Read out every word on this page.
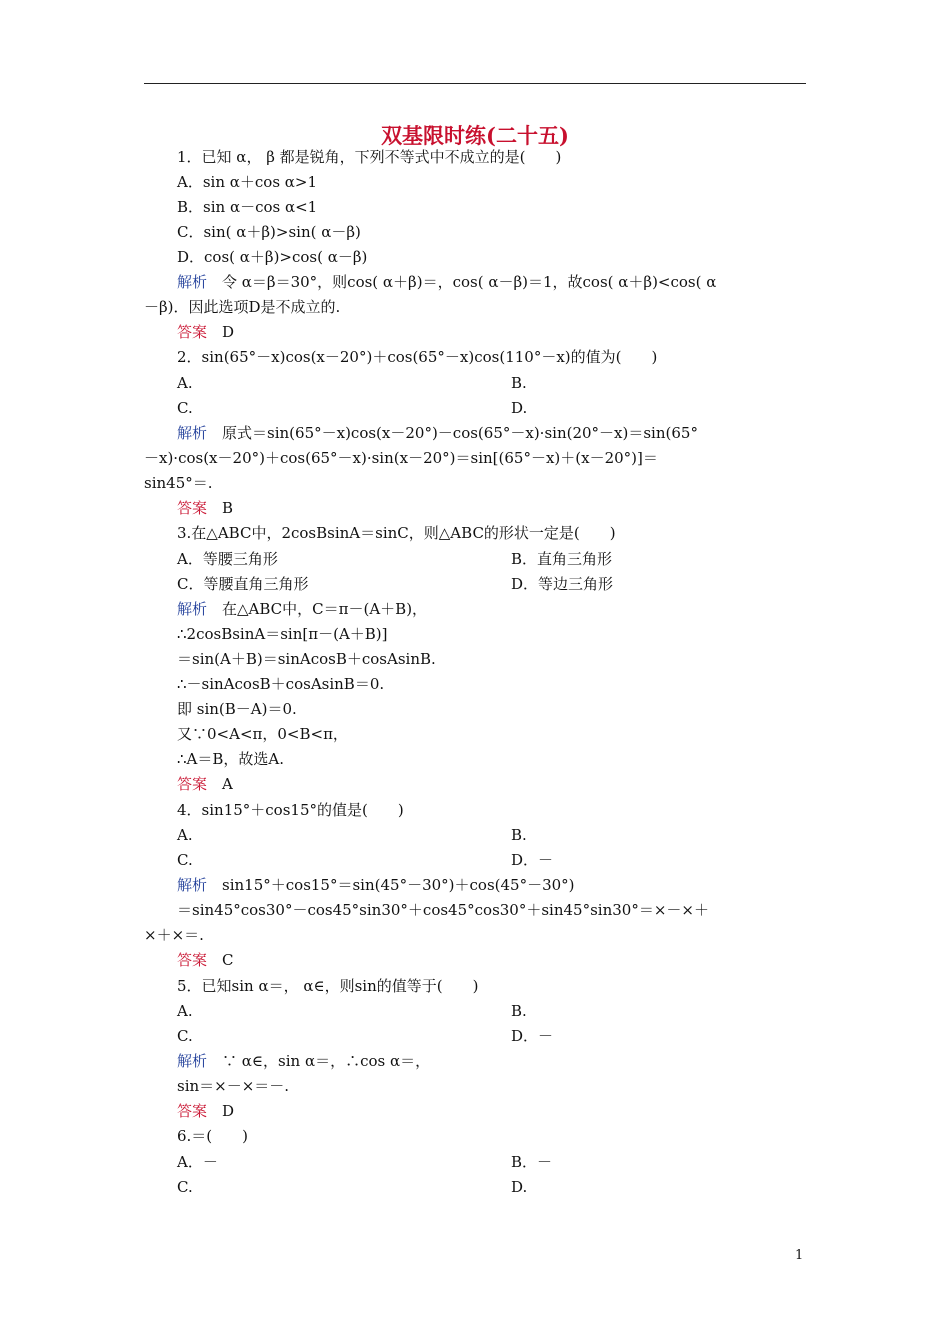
双基限时练(二十五)
1．已知 α， β 都是锐角，下列不等式中不成立的是(　　)
A．sin α＋cos α>1
B．sin α－cos α<1
C．sin( α＋β)>sin( α－β)
D．cos( α＋β)>cos( α－β)
解析　令 α＝β＝30°，则cos( α＋β)＝，cos( α－β)＝1，故cos( α＋β)<cos( α
－β)．因此选项D是不成立的.
答案　D
2．sin(65°－x)cos(x－20°)＋cos(65°－x)cos(110°－x)的值为(　　)
A.	B.
C.	D.
解析　原式＝sin(65°－x)cos(x－20°)－cos(65°－x)·sin(20°－x)＝sin(65°
－x)·cos(x－20°)＋cos(65°－x)·sin(x－20°)＝sin[(65°－x)＋(x－20°)]＝
sin45°＝.
答案　B
3.在△ABC中，2cosBsinA＝sinC，则△ABC的形状一定是(　　)
A．等腰三角形	B．直角三角形
C．等腰直角三角形	D．等边三角形
解析　在△ABC中，C＝π－(A＋B)，
∴2cosBsinA＝sin[π－(A＋B)]
＝sin(A＋B)＝sinAcosB＋cosAsinB.
∴－sinAcosB＋cosAsinB＝0.
即 sin(B－A)＝0.
又∵0<A<π，0<B<π，
∴A＝B，故选A.
答案　A
4．sin15°＋cos15°的值是(　　)
A.	B.
C.	D．－
解析　sin15°＋cos15°＝sin(45°－30°)＋cos(45°－30°)
＝sin45°cos30°－cos45°sin30°＋cos45°cos30°＋sin45°sin30°＝×－×＋
×＋×＝.
答案　C
5．已知sin α＝， α∈，则sin的值等于(　　)
A.	B.
C.	D．－
解析　∵ α∈，sin α＝，∴cos α＝，
sin＝×－×＝－.
答案　D
6.＝(　　)
A．－	B．－
C.	D.
1
